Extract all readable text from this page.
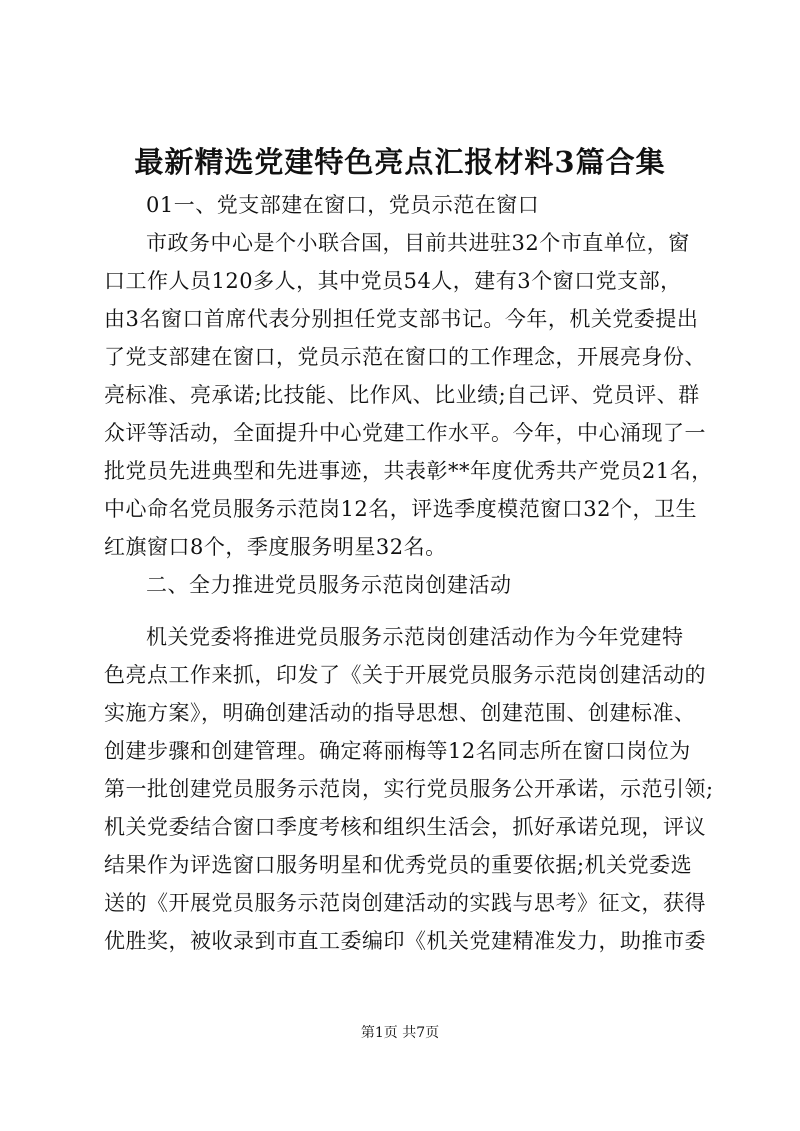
最新精选党建特色亮点汇报材料3篇合集
01一、党支部建在窗口，党员示范在窗口
市政务中心是个小联合国，目前共进驻32个市直单位，窗
口工作人员120多人，其中党员54人，建有3个窗口党支部，
由3名窗口首席代表分别担任党支部书记。今年，机关党委提出
了党支部建在窗口，党员示范在窗口的工作理念，开展亮身份、
亮标准、亮承诺;比技能、比作风、比业绩;自己评、党员评、群
众评等活动，全面提升中心党建工作水平。今年，中心涌现了一
批党员先进典型和先进事迹，共表彰**年度优秀共产党员21名，
中心命名党员服务示范岗12名，评选季度模范窗口32个，卫生
红旗窗口8个，季度服务明星32名。
二、全力推进党员服务示范岗创建活动
机关党委将推进党员服务示范岗创建活动作为今年党建特
色亮点工作来抓，印发了《关于开展党员服务示范岗创建活动的
实施方案》，明确创建活动的指导思想、创建范围、创建标准、
创建步骤和创建管理。确定蒋丽梅等12名同志所在窗口岗位为
第一批创建党员服务示范岗，实行党员服务公开承诺，示范引领;
机关党委结合窗口季度考核和组织生活会，抓好承诺兑现，评议
结果作为评选窗口服务明星和优秀党员的重要依据;机关党委选
送的《开展党员服务示范岗创建活动的实践与思考》征文，获得
优胜奖，被收录到市直工委编印《机关党建精准发力，助推市委
第1页 共7页
